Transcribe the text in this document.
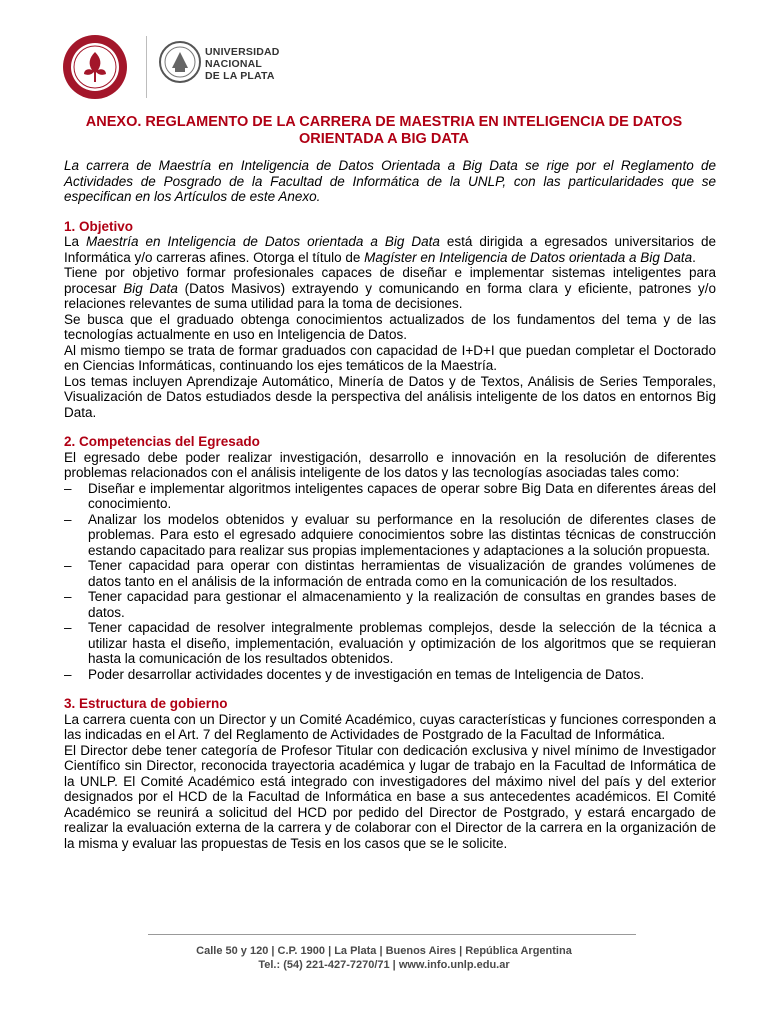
UNIVERSIDAD
NACIONAL
DE LA PLATA
ANEXO. REGLAMENTO DE LA CARRERA DE MAESTRIA EN INTELIGENCIA DE DATOS
ORIENTADA A BIG DATA

La carrera de Maestría en Inteligencia de Datos Orientada a Big Data se rige por el Reglamento de Actividades de Posgrado de la Facultad de Informática de la UNLP, con las particularidades que se especifican en los Artículos de este Anexo.

1. Objetivo

La Maestría en Inteligencia de Datos orientada a Big Data está dirigida a egresados universitarios de Informática y/o carreras afines. Otorga el título de Magíster en Inteligencia de Datos orientada a Big Data.

Tiene por objetivo formar profesionales capaces de diseñar e implementar sistemas inteligentes para procesar Big Data (Datos Masivos) extrayendo y comunicando en forma clara y eficiente, patrones y/o relaciones relevantes de suma utilidad para la toma de decisiones.

Se busca que el graduado obtenga conocimientos actualizados de los fundamentos del tema y de las tecnologías actualmente en uso en Inteligencia de Datos.

Al mismo tiempo se trata de formar graduados con capacidad de I+D+I que puedan completar el Doctorado en Ciencias Informáticas, continuando los ejes temáticos de la Maestría.

Los temas incluyen Aprendizaje Automático, Minería de Datos y de Textos, Análisis de Series Temporales, Visualización de Datos estudiados desde la perspectiva del análisis inteligente de los datos en entornos Big Data.

2. Competencias del Egresado

El egresado debe poder realizar investigación, desarrollo e innovación en la resolución de diferentes problemas relacionados con el análisis inteligente de los datos y las tecnologías asociadas tales como:

– Diseñar e implementar algoritmos inteligentes capaces de operar sobre Big Data en diferentes áreas del conocimiento.
– Analizar los modelos obtenidos y evaluar su performance en la resolución de diferentes clases de problemas. Para esto el egresado adquiere conocimientos sobre las distintas técnicas de construcción estando capacitado para realizar sus propias implementaciones y adaptaciones a la solución propuesta.
– Tener capacidad para operar con distintas herramientas de visualización de grandes volúmenes de datos tanto en el análisis de la información de entrada como en la comunicación de los resultados.
– Tener capacidad para gestionar el almacenamiento y la realización de consultas en grandes bases de datos.
– Tener capacidad de resolver integralmente problemas complejos, desde la selección de la técnica a utilizar hasta el diseño, implementación, evaluación y optimización de los algoritmos que se requieran hasta la comunicación de los resultados obtenidos.
– Poder desarrollar actividades docentes y de investigación en temas de Inteligencia de Datos.

3. Estructura de gobierno

La carrera cuenta con un Director y un Comité Académico, cuyas características y funciones corresponden a las indicadas en el Art. 7 del Reglamento de Actividades de Postgrado de la Facultad de Informática.

El Director debe tener categoría de Profesor Titular con dedicación exclusiva y nivel mínimo de Investigador Científico sin Director, reconocida trayectoria académica y lugar de trabajo en la Facultad de Informática de la UNLP. El Comité Académico está integrado con investigadores del máximo nivel del país y del exterior designados por el HCD de la Facultad de Informática en base a sus antecedentes académicos. El Comité Académico se reunirá a solicitud del HCD por pedido del Director de Postgrado, y estará encargado de realizar la evaluación externa de la carrera y de colaborar con el Director de la carrera en la organización de la misma y evaluar las propuestas de Tesis en los casos que se le solicite.

Calle 50 y 120 | C.P. 1900 | La Plata | Buenos Aires | República Argentina
Tel.: (54) 221-427-7270/71 | www.info.unlp.edu.ar
